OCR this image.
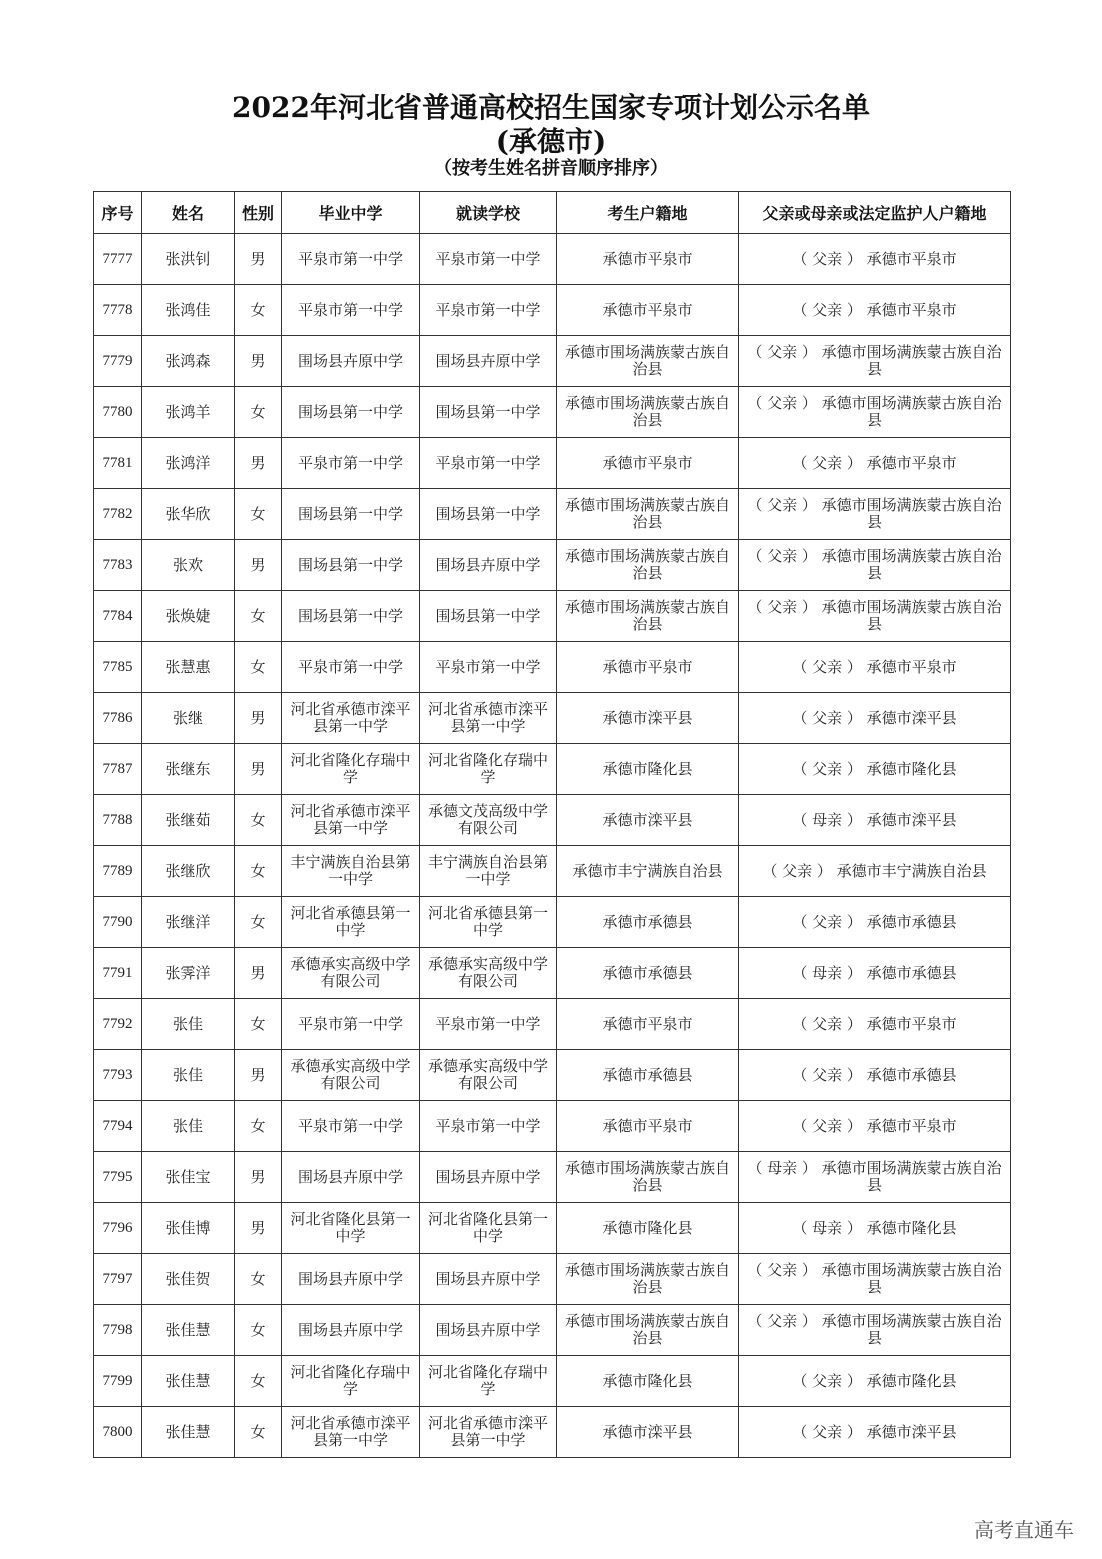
2022年河北省普通高校招生国家专项计划公示名单
(承德市)
（按考生姓名拼音顺序排序）
序号	姓名	性别	毕业中学	就读学校	考生户籍地	父亲或母亲或法定监护人户籍地
7777	张洪钊	男	平泉市第一中学	平泉市第一中学	承德市平泉市	（ 父亲 ） 承德市平泉市
7778	张鸿佳	女	平泉市第一中学	平泉市第一中学	承德市平泉市	（ 父亲 ） 承德市平泉市
7779	张鸿森	男	围场县卉原中学	围场县卉原中学	承德市围场满族蒙古族自治县	（ 父亲 ） 承德市围场满族蒙古族自治县
7780	张鸿羊	女	围场县第一中学	围场县第一中学	承德市围场满族蒙古族自治县	（ 父亲 ） 承德市围场满族蒙古族自治县
7781	张鸿洋	男	平泉市第一中学	平泉市第一中学	承德市平泉市	（ 父亲 ） 承德市平泉市
7782	张华欣	女	围场县第一中学	围场县第一中学	承德市围场满族蒙古族自治县	（ 父亲 ） 承德市围场满族蒙古族自治县
7783	张欢	男	围场县第一中学	围场县卉原中学	承德市围场满族蒙古族自治县	（ 父亲 ） 承德市围场满族蒙古族自治县
7784	张焕婕	女	围场县第一中学	围场县第一中学	承德市围场满族蒙古族自治县	（ 父亲 ） 承德市围场满族蒙古族自治县
7785	张慧惠	女	平泉市第一中学	平泉市第一中学	承德市平泉市	（ 父亲 ） 承德市平泉市
7786	张继	男	河北省承德市滦平县第一中学	河北省承德市滦平县第一中学	承德市滦平县	（ 父亲 ） 承德市滦平县
7787	张继东	男	河北省隆化存瑞中学	河北省隆化存瑞中学	承德市隆化县	（ 父亲 ） 承德市隆化县
7788	张继茹	女	河北省承德市滦平县第一中学	承德文茂高级中学有限公司	承德市滦平县	（ 母亲 ） 承德市滦平县
7789	张继欣	女	丰宁满族自治县第一中学	丰宁满族自治县第一中学	承德市丰宁满族自治县	（ 父亲 ） 承德市丰宁满族自治县
7790	张继洋	女	河北省承德县第一中学	河北省承德县第一中学	承德市承德县	（ 父亲 ） 承德市承德县
7791	张霁洋	男	承德承实高级中学有限公司	承德承实高级中学有限公司	承德市承德县	（ 母亲 ） 承德市承德县
7792	张佳	女	平泉市第一中学	平泉市第一中学	承德市平泉市	（ 父亲 ） 承德市平泉市
7793	张佳	男	承德承实高级中学有限公司	承德承实高级中学有限公司	承德市承德县	（ 父亲 ） 承德市承德县
7794	张佳	女	平泉市第一中学	平泉市第一中学	承德市平泉市	（ 父亲 ） 承德市平泉市
7795	张佳宝	男	围场县卉原中学	围场县卉原中学	承德市围场满族蒙古族自治县	（ 母亲 ） 承德市围场满族蒙古族自治县
7796	张佳博	男	河北省隆化县第一中学	河北省隆化县第一中学	承德市隆化县	（ 母亲 ） 承德市隆化县
7797	张佳贺	女	围场县卉原中学	围场县卉原中学	承德市围场满族蒙古族自治县	（ 父亲 ） 承德市围场满族蒙古族自治县
7798	张佳慧	女	围场县卉原中学	围场县卉原中学	承德市围场满族蒙古族自治县	（ 父亲 ） 承德市围场满族蒙古族自治县
7799	张佳慧	女	河北省隆化存瑞中学	河北省隆化存瑞中学	承德市隆化县	（ 父亲 ） 承德市隆化县
7800	张佳慧	女	河北省承德市滦平县第一中学	河北省承德市滦平县第一中学	承德市滦平县	（ 父亲 ） 承德市滦平县
高考直通车
